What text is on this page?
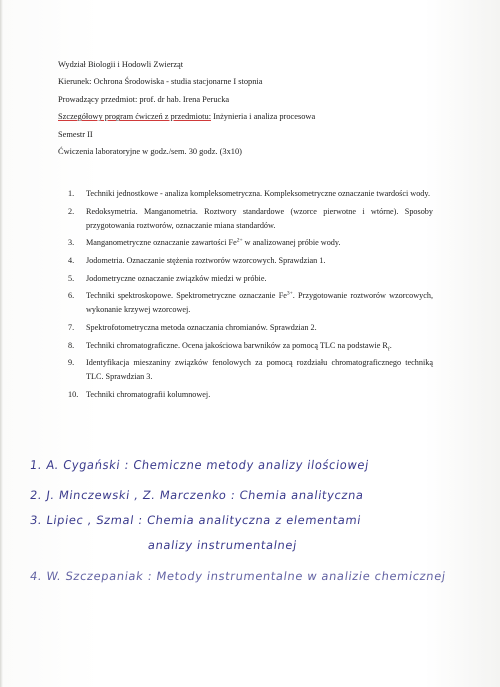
Wydział Biologii i Hodowli Zwierząt
Kierunek: Ochrona Środowiska - studia stacjonarne I stopnia
Prowadzący przedmiot: prof. dr hab. Irena Perucka
Szczegółowy program ćwiczeń z przedmiotu: Inżynieria i analiza procesowa
Semestr II
Ćwiczenia laboratoryjne w godz./sem. 30 godz. (3x10)
1. Techniki jednostkowe - analiza kompleksometryczna. Kompleksometryczne oznaczanie twardości wody.
2. Redoksymetria. Manganometria. Roztwory standardowe (wzorce pierwotne i wtórne). Sposoby przygotowania roztworów, oznaczanie miana standardów.
3. Manganometryczne oznaczanie zawartości $Fe^{2+}$ w analizowanej próbie wody.
4. Jodometria. Oznaczanie stężenia roztworów wzorcowych. Sprawdzian 1.
5. Jodometryczne oznaczanie związków miedzi w próbie.
6. Techniki spektroskopowe. Spektrometryczne oznaczanie $Fe^{3+}$. Przygotowanie roztworów wzorcowych, wykonanie krzywej wzorcowej.
7. Spektrofotometryczna metoda oznaczania chromianów. Sprawdzian 2.
8. Techniki chromatograficzne. Ocena jakościowa barwników za pomocą TLC na podstawie $R_f$.
9. Identyfikacja mieszaniny związków fenolowych za pomocą rozdziału chromatograficznego techniką TLC. Sprawdzian 3.
10. Techniki chromatografii kolumnowej.
1. A. Cygański : Chemiczne metody analizy ilościowej
2. J. Minczewski , Z. Marczenko : Chemia analityczna
3. Lipiec , Szmal : Chemia analityczna z elementami
analizy instrumentalnej
4. W. Szczepaniak : Metody instrumentalne w analizie chemicznej
